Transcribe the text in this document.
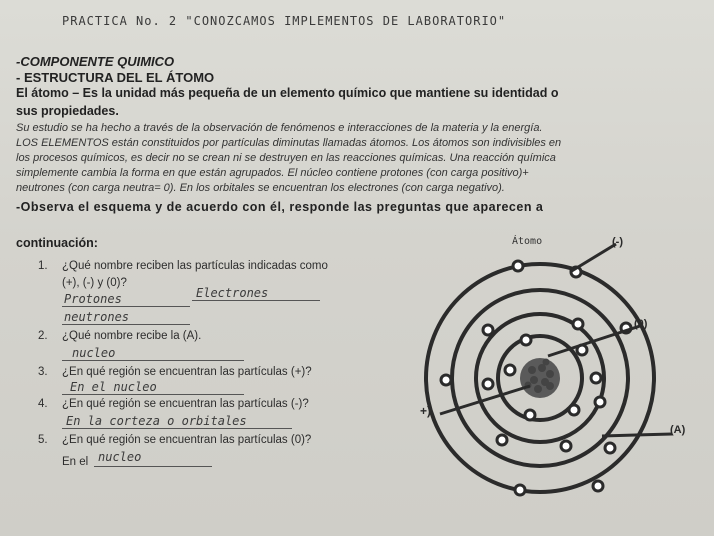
PRACTICA No. 2 "CONOZCAMOS IMPLEMENTOS DE LABORATORIO"
-COMPONENTE QUIMICO
- ESTRUCTURA DEL EL ÁTOMO
El átomo – Es la unidad más pequeña de un elemento químico que mantiene su identidad o
sus propiedades.
Su estudio se ha hecho a través de la observación de fenómenos e interacciones de la materia y la energía.
LOS ELEMENTOS están constituidos por partículas diminutas llamadas átomos. Los átomos son indivisibles en
los procesos químicos, es decir no se crean ni se destruyen en las reacciones químicas. Una reacción química
simplemente cambia la forma en que están agrupados. El núcleo contiene protones (con carga positivo)+
neutrones (con carga neutra= 0). En los orbitales se encuentran los electrones (con carga negativo).
-Observa el esquema y de acuerdo con él, responde las preguntas que aparecen a
continuación:
1. ¿Qué nombre reciben las partículas indicadas como
(+), (-) y (0)?
Protones	Electrones
neutrones
2. ¿Qué nombre recibe la (A).
nucleo
3. ¿En qué región se encuentran las partículas (+)?
En el nucleo
4. ¿En qué región se encuentran las partículas (-)?
En la corteza o orbitales
5. ¿En qué región se encuentran las partículas (0)?
En el nucleo
Átomo	(-)
(0)
+)
(A)
